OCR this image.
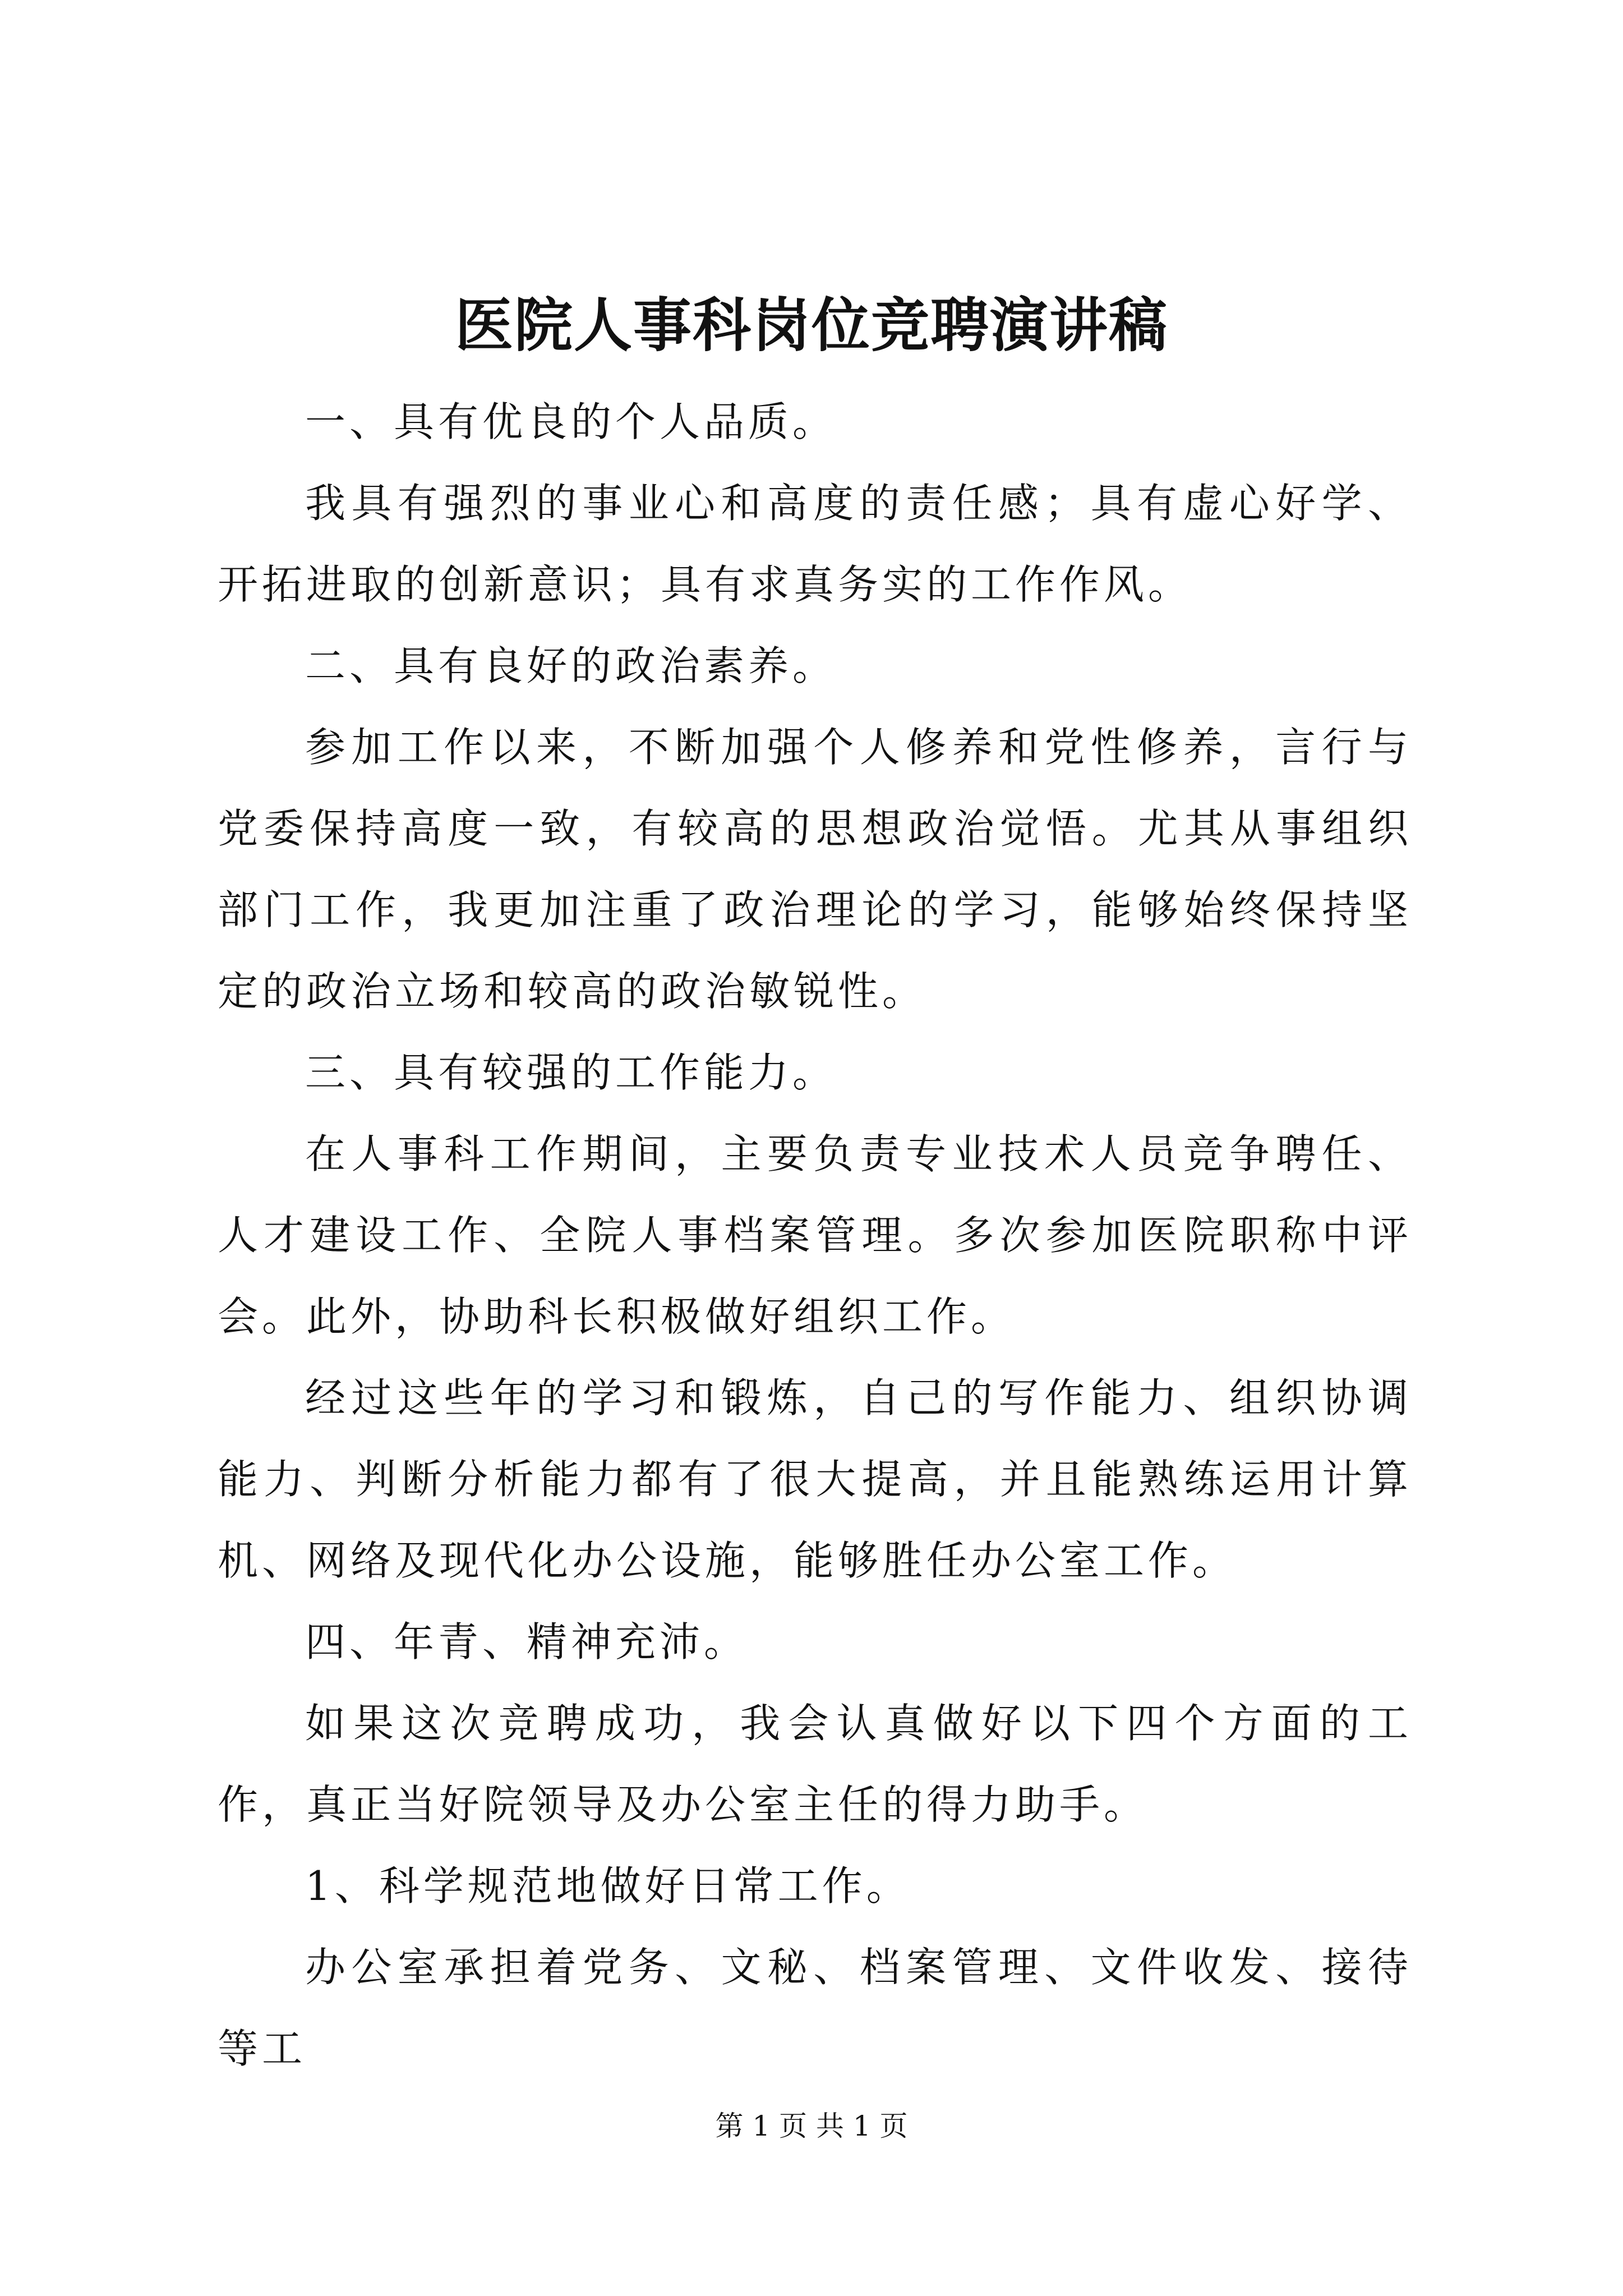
医院人事科岗位竞聘演讲稿

一、具有优良的个人品质。

我具有强烈的事业心和高度的责任感；具有虚心好学、开拓进取的创新意识；具有求真务实的工作作风。

二、具有良好的政治素养。

参加工作以来，不断加强个人修养和党性修养，言行与党委保持高度一致，有较高的思想政治觉悟。尤其从事组织部门工作，我更加注重了政治理论的学习，能够始终保持坚定的政治立场和较高的政治敏锐性。

三、具有较强的工作能力。

在人事科工作期间，主要负责专业技术人员竞争聘任、人才建设工作、全院人事档案管理。多次参加医院职称中评会。此外，协助科长积极做好组织工作。

经过这些年的学习和锻炼，自己的写作能力、组织协调能力、判断分析能力都有了很大提高，并且能熟练运用计算机、网络及现代化办公设施，能够胜任办公室工作。

四、年青、精神充沛。

如果这次竞聘成功，我会认真做好以下四个方面的工作，真正当好院领导及办公室主任的得力助手。

1、科学规范地做好日常工作。

办公室承担着党务、文秘、档案管理、文件收发、接待等工

第 1 页 共 1 页
